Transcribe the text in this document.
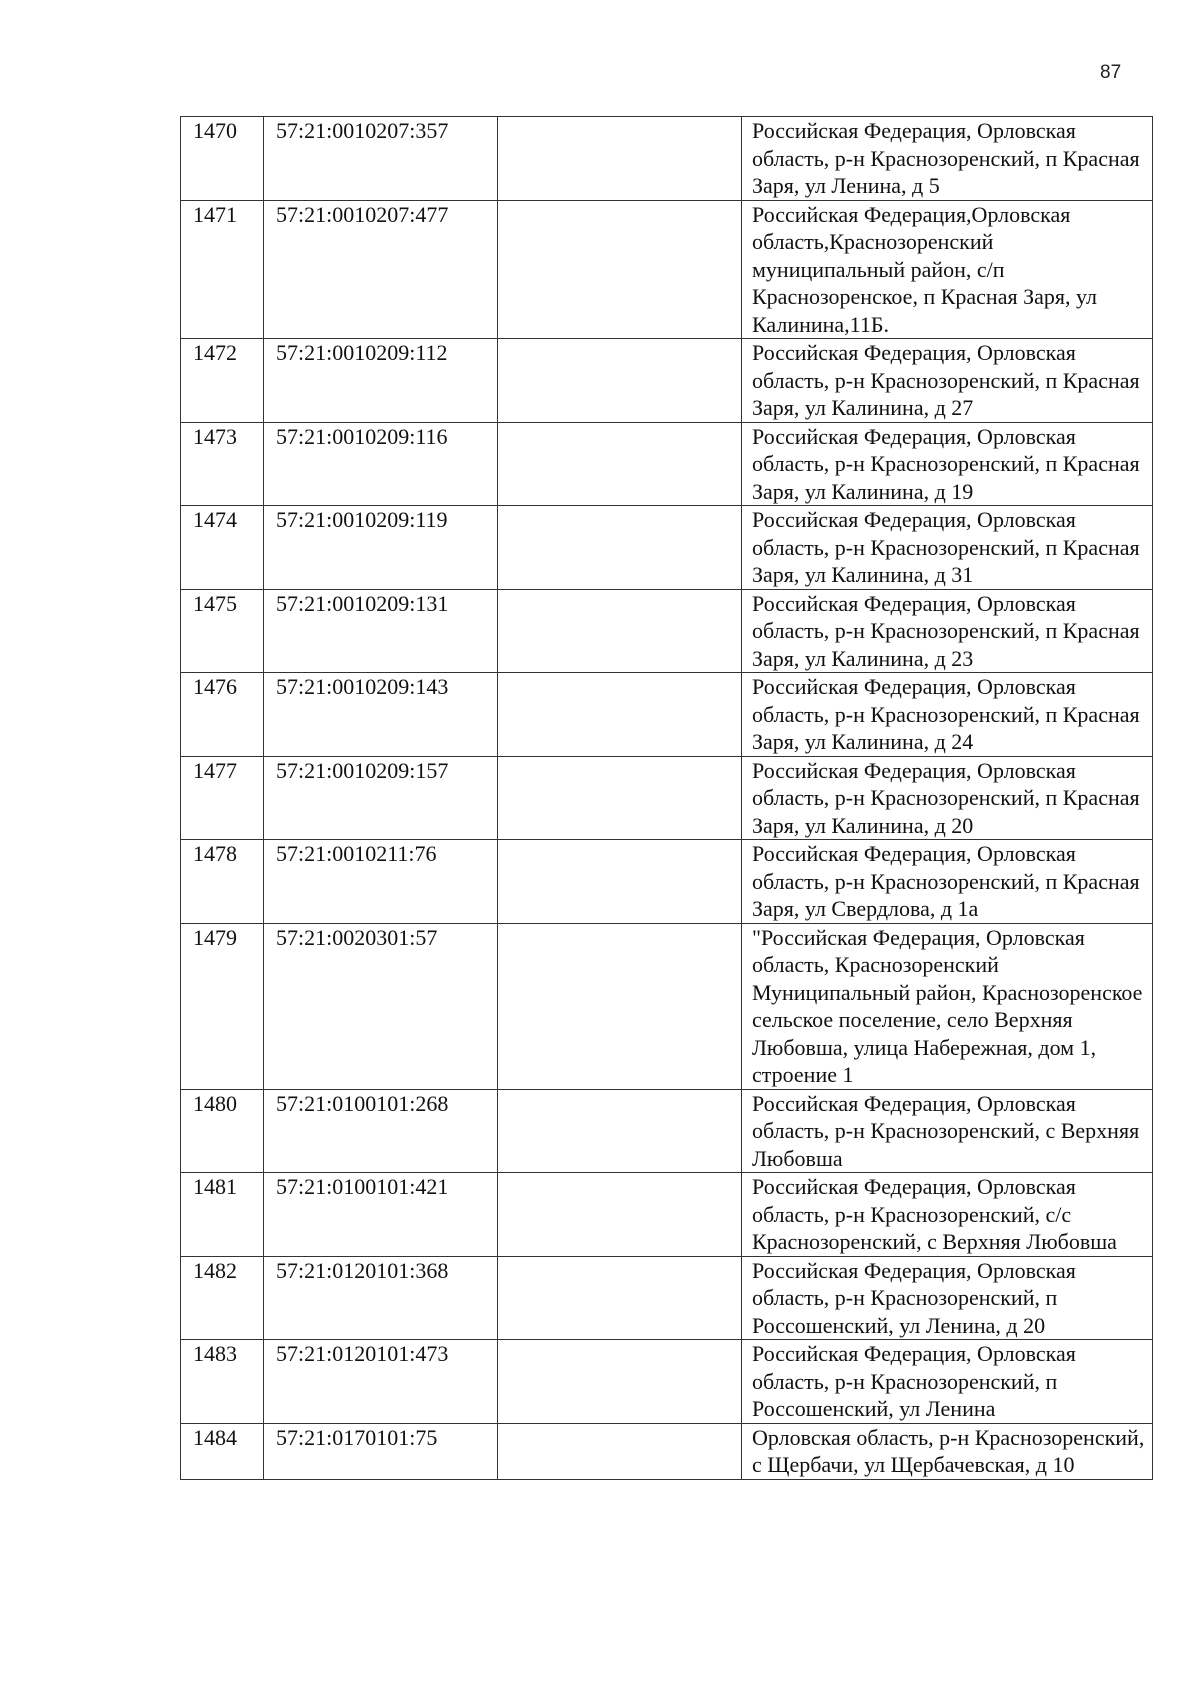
87
1470	57:21:0010207:357		Российская Федерация, Орловская область, р-н Краснозоренский, п Красная Заря, ул Ленина, д 5

1471	57:21:0010207:477		Российская Федерация,Орловская область,Краснозоренский муниципальный район, с/п Краснозоренское, п Красная Заря, ул Калинина,11Б.

1472	57:21:0010209:112		Российская Федерация, Орловская область, р-н Краснозоренский, п Красная Заря, ул Калинина, д 27

1473	57:21:0010209:116		Российская Федерация, Орловская область, р-н Краснозоренский, п Красная Заря, ул Калинина, д 19

1474	57:21:0010209:119		Российская Федерация, Орловская область, р-н Краснозоренский, п Красная Заря, ул Калинина, д 31

1475	57:21:0010209:131		Российская Федерация, Орловская область, р-н Краснозоренский, п Красная Заря, ул Калинина, д 23

1476	57:21:0010209:143		Российская Федерация, Орловская область, р-н Краснозоренский, п Красная Заря, ул Калинина, д 24

1477	57:21:0010209:157		Российская Федерация, Орловская область, р-н Краснозоренский, п Красная Заря, ул Калинина, д 20

1478	57:21:0010211:76		Российская Федерация, Орловская область, р-н Краснозоренский, п Красная Заря, ул Свердлова, д 1а

1479	57:21:0020301:57		"Российская Федерация, Орловская область, Краснозоренский Муниципальный район, Краснозоренское сельское поселение, село Верхняя Любовша, улица Набережная, дом 1, строение 1

1480	57:21:0100101:268		Российская Федерация, Орловская область, р-н Краснозоренский, с Верхняя Любовша

1481	57:21:0100101:421		Российская Федерация, Орловская область, р-н Краснозоренский, с/с Краснозоренский, с Верхняя Любовша

1482	57:21:0120101:368		Российская Федерация, Орловская область, р-н Краснозоренский, п Россошенский, ул Ленина, д 20

1483	57:21:0120101:473		Российская Федерация, Орловская область, р-н Краснозоренский, п Россошенский, ул Ленина

1484	57:21:0170101:75		Орловская область, р-н Краснозоренский, с Щербачи, ул Щербачевская, д 10
